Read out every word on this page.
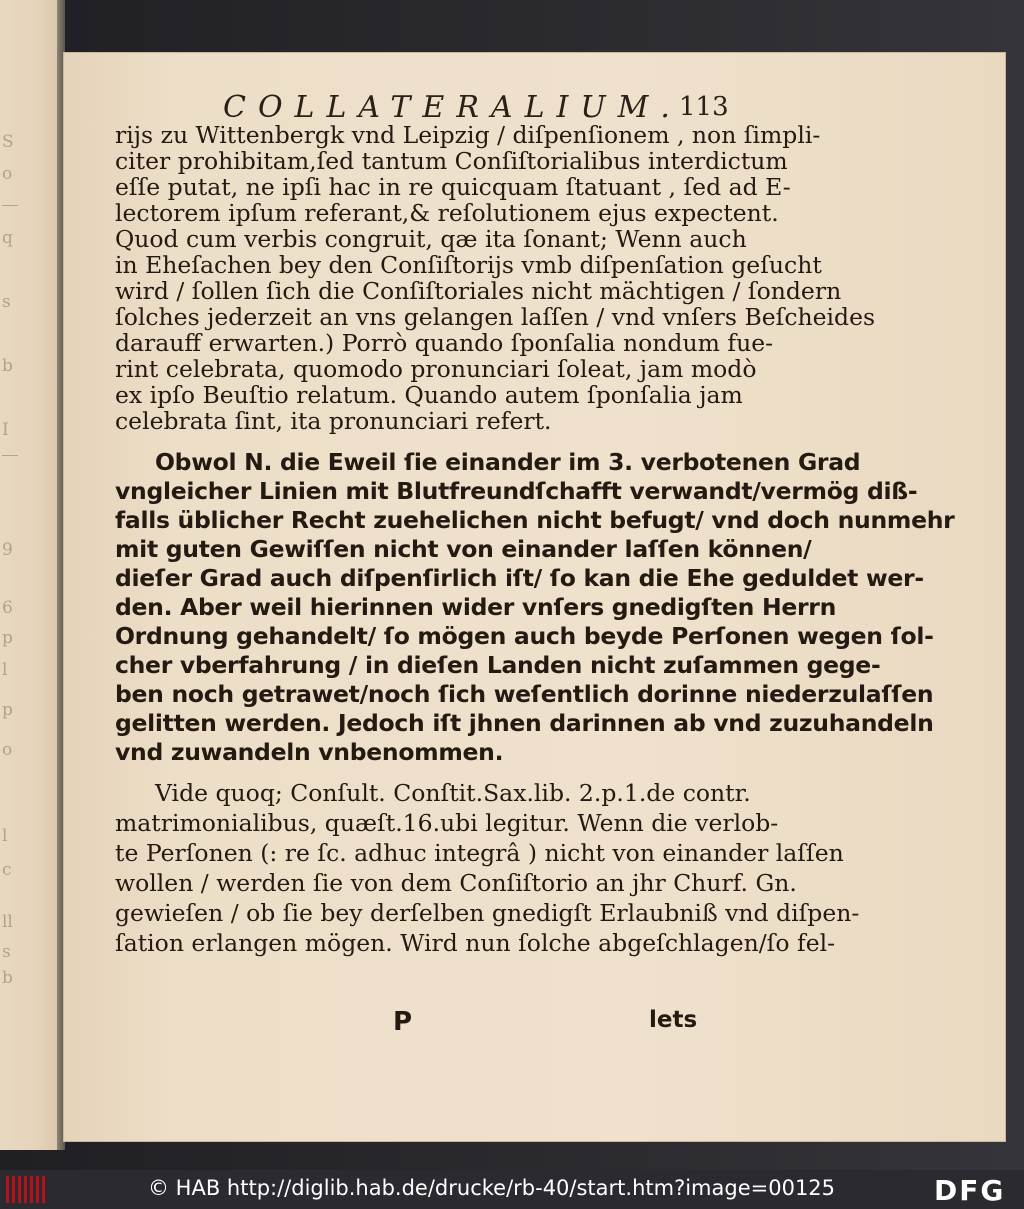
S
o
q
s
b
I
9
6
p
l
p
o
l
c
ll
s
b
COLLATERALIUM.
113
rijs zu Wittenbergk vnd Leipzig / diſpenſionem , non ſimpli-
citer prohibitam,ſed tantum Conſiſtorialibus interdictum
eſſe putat, ne ipſi hac in re quicquam ſtatuant , ſed ad E-
lectorem ipſum referant,& reſolutionem ejus expectent.
Quod cum verbis congruit, qæ ita ſonant; Wenn auch
in Eheſachen bey den Conſiſtorijs vmb diſpenſation geſucht
wird / ſollen ſich die Conſiſtoriales nicht mächtigen / ſondern
ſolches jederzeit an vns gelangen laſſen / vnd vnſers Beſcheides
darauff erwarten.) Porrò quando ſponſalia nondum fue-
rint celebrata, quomodo pronunciari ſoleat, jam modò
ex ipſo Beuſtio relatum. Quando autem ſponſalia jam
celebrata ſint, ita pronunciari refert.
Obwol N. die Eweil ſie einander im 3. verbotenen Grad
vngleicher Linien mit Blutfreundſchafft verwandt/vermög diß-
falls üblicher Recht zuehelichen nicht befugt/ vnd doch nunmehr
mit guten Gewiſſen nicht von einander laſſen können/
dieſer Grad auch diſpenſirlich iſt/ ſo kan die Ehe geduldet wer-
den. Aber weil hierinnen wider vnſers gnedigſten Herrn
Ordnung gehandelt/ ſo mögen auch beyde Perſonen wegen ſol-
cher vberfahrung / in dieſen Landen nicht zuſammen gege-
ben noch getrawet/noch ſich weſentlich dorinne niederzulaſſen
gelitten werden. Jedoch iſt jhnen darinnen ab vnd zuzuhandeln
vnd zuwandeln vnbenommen.
Vide quoq; Conſult. Conſtit.Sax.lib. 2.p.1.de contr.
matrimonialibus, quæſt.16.ubi legitur. Wenn die verlob-
te Perſonen (: re ſc. adhuc integrâ ) nicht von einander laſſen
wollen / werden ſie von dem Conſiſtorio an jhr Churf. Gn.
gewieſen / ob ſie bey derſelben gnedigſt Erlaubniß vnd diſpen-
ſation erlangen mögen. Wird nun ſolche abgeſchlagen/ſo fel-
P	lets
© HAB http://diglib.hab.de/drucke/rb-40/start.htm?image=00125	DFG
